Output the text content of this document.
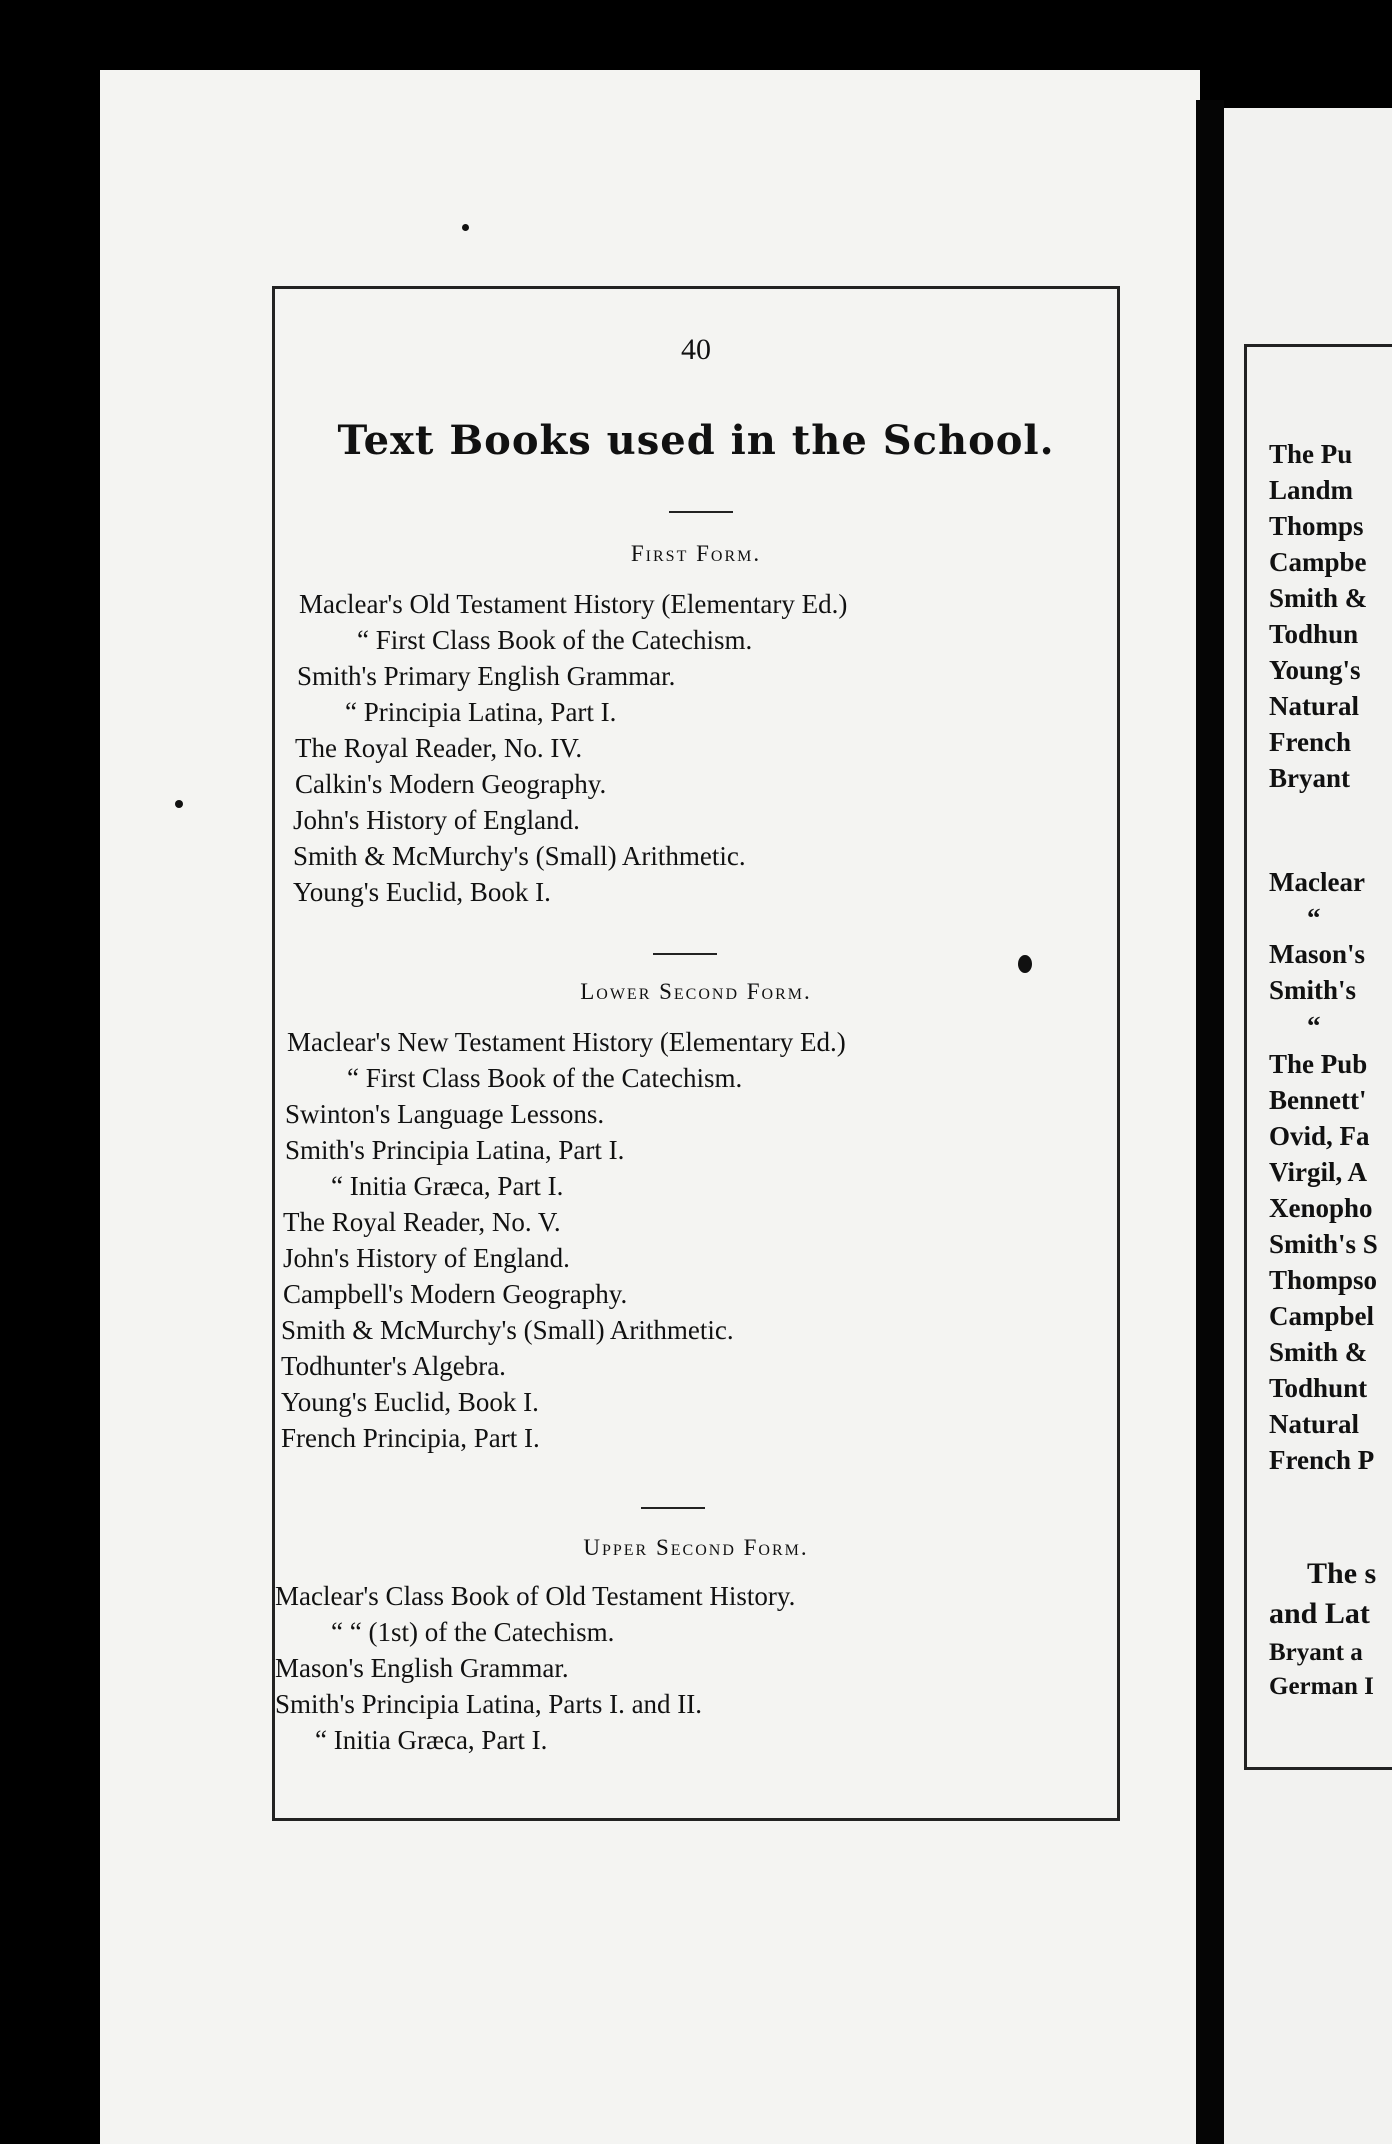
40
Text Books used in the School.
First Form.
Maclear's Old Testament History (Elementary Ed.)
“ First Class Book of the Catechism.
Smith's Primary English Grammar.
“ Principia Latina, Part I.
The Royal Reader, No. IV.
Calkin's Modern Geography.
John's History of England.
Smith & McMurchy's (Small) Arithmetic.
Young's Euclid, Book I.
Lower Second Form.
Maclear's New Testament History (Elementary Ed.)
“ First Class Book of the Catechism.
Swinton's Language Lessons.
Smith's Principia Latina, Part I.
“ Initia Græca, Part I.
The Royal Reader, No. V.
John's History of England.
Campbell's Modern Geography.
Smith & McMurchy's (Small) Arithmetic.
Todhunter's Algebra.
Young's Euclid, Book I.
French Principia, Part I.
Upper Second Form.
Maclear's Class Book of Old Testament History.
“ “ (1st) of the Catechism.
Mason's English Grammar.
Smith's Principia Latina, Parts I. and II.
“ Initia Græca, Part I.
The Pu
Landm
Thomps
Campbe
Smith &
Todhun
Young's
Natural
French
Bryant
Maclear
“
Mason's
Smith's
“
The Pub
Bennett'
Ovid, Fa
Virgil, A
Xenopho
Smith's S
Thompso
Campbel
Smith &
Todhunt
Natural
French P
The s
and Lat
Bryant a
German I
